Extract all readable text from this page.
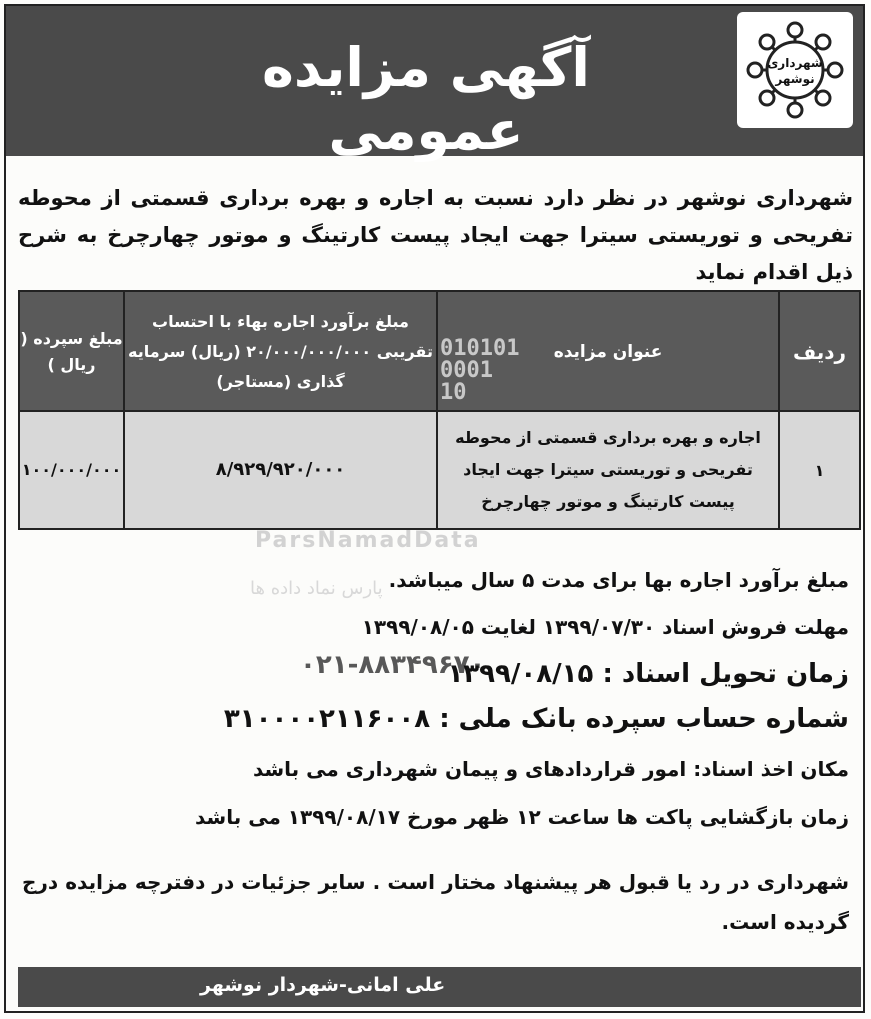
آگهی مزایده عمومی
شهرداری
نوشهر
شهرداری نوشهر در نظر دارد نسبت به اجاره و بهره برداری قسمتی از محوطه تفریحی و توریستی سیترا جهت ایجاد پیست کارتینگ و موتور چهارچرخ به شرح ذیل اقدام نماید
ردیف
عنوان مزایده
مبلغ برآورد اجاره بهاء با احتساب تقریبی ۲۰/۰۰۰/۰۰۰/۰۰۰ (ریال) سرمایه گذاری (مستاجر)
مبلغ سپرده ( ریال )
۱
اجاره و بهره برداری قسمتی از محوطه تفریحی و توریستی سیترا جهت ایجاد پیست کارتینگ و موتور چهارچرخ
۸/۹۲۹/۹۲۰/۰۰۰
۱۰۰/۰۰۰/۰۰۰
010101
0001
10
ParsNamadData
پارس نماد داده ها مبلغ برآورد اجاره بها برای مدت ۵ سال میباشد.
مهلت فروش اسناد ۱۳۹۹/۰۷/۳۰ لغایت ۱۳۹۹/۰۸/۰۵
۰۲۱-۸۸۳۴۹۶۷۰
زمان تحویل اسناد : ۱۳۹۹/۰۸/۱۵
شماره حساب سپرده بانک ملی : ۳۱۰۰۰۰۲۱۱۶۰۰۸
مکان اخذ اسناد: امور قراردادهای و پیمان شهرداری می باشد
زمان بازگشایی پاکت ها ساعت ۱۲ ظهر مورخ ۱۳۹۹/۰۸/۱۷ می باشد
شهرداری در رد یا قبول هر پیشنهاد مختار است . سایر جزئیات در دفترچه مزایده درج گردیده است.
علی امانی-شهردار نوشهر
